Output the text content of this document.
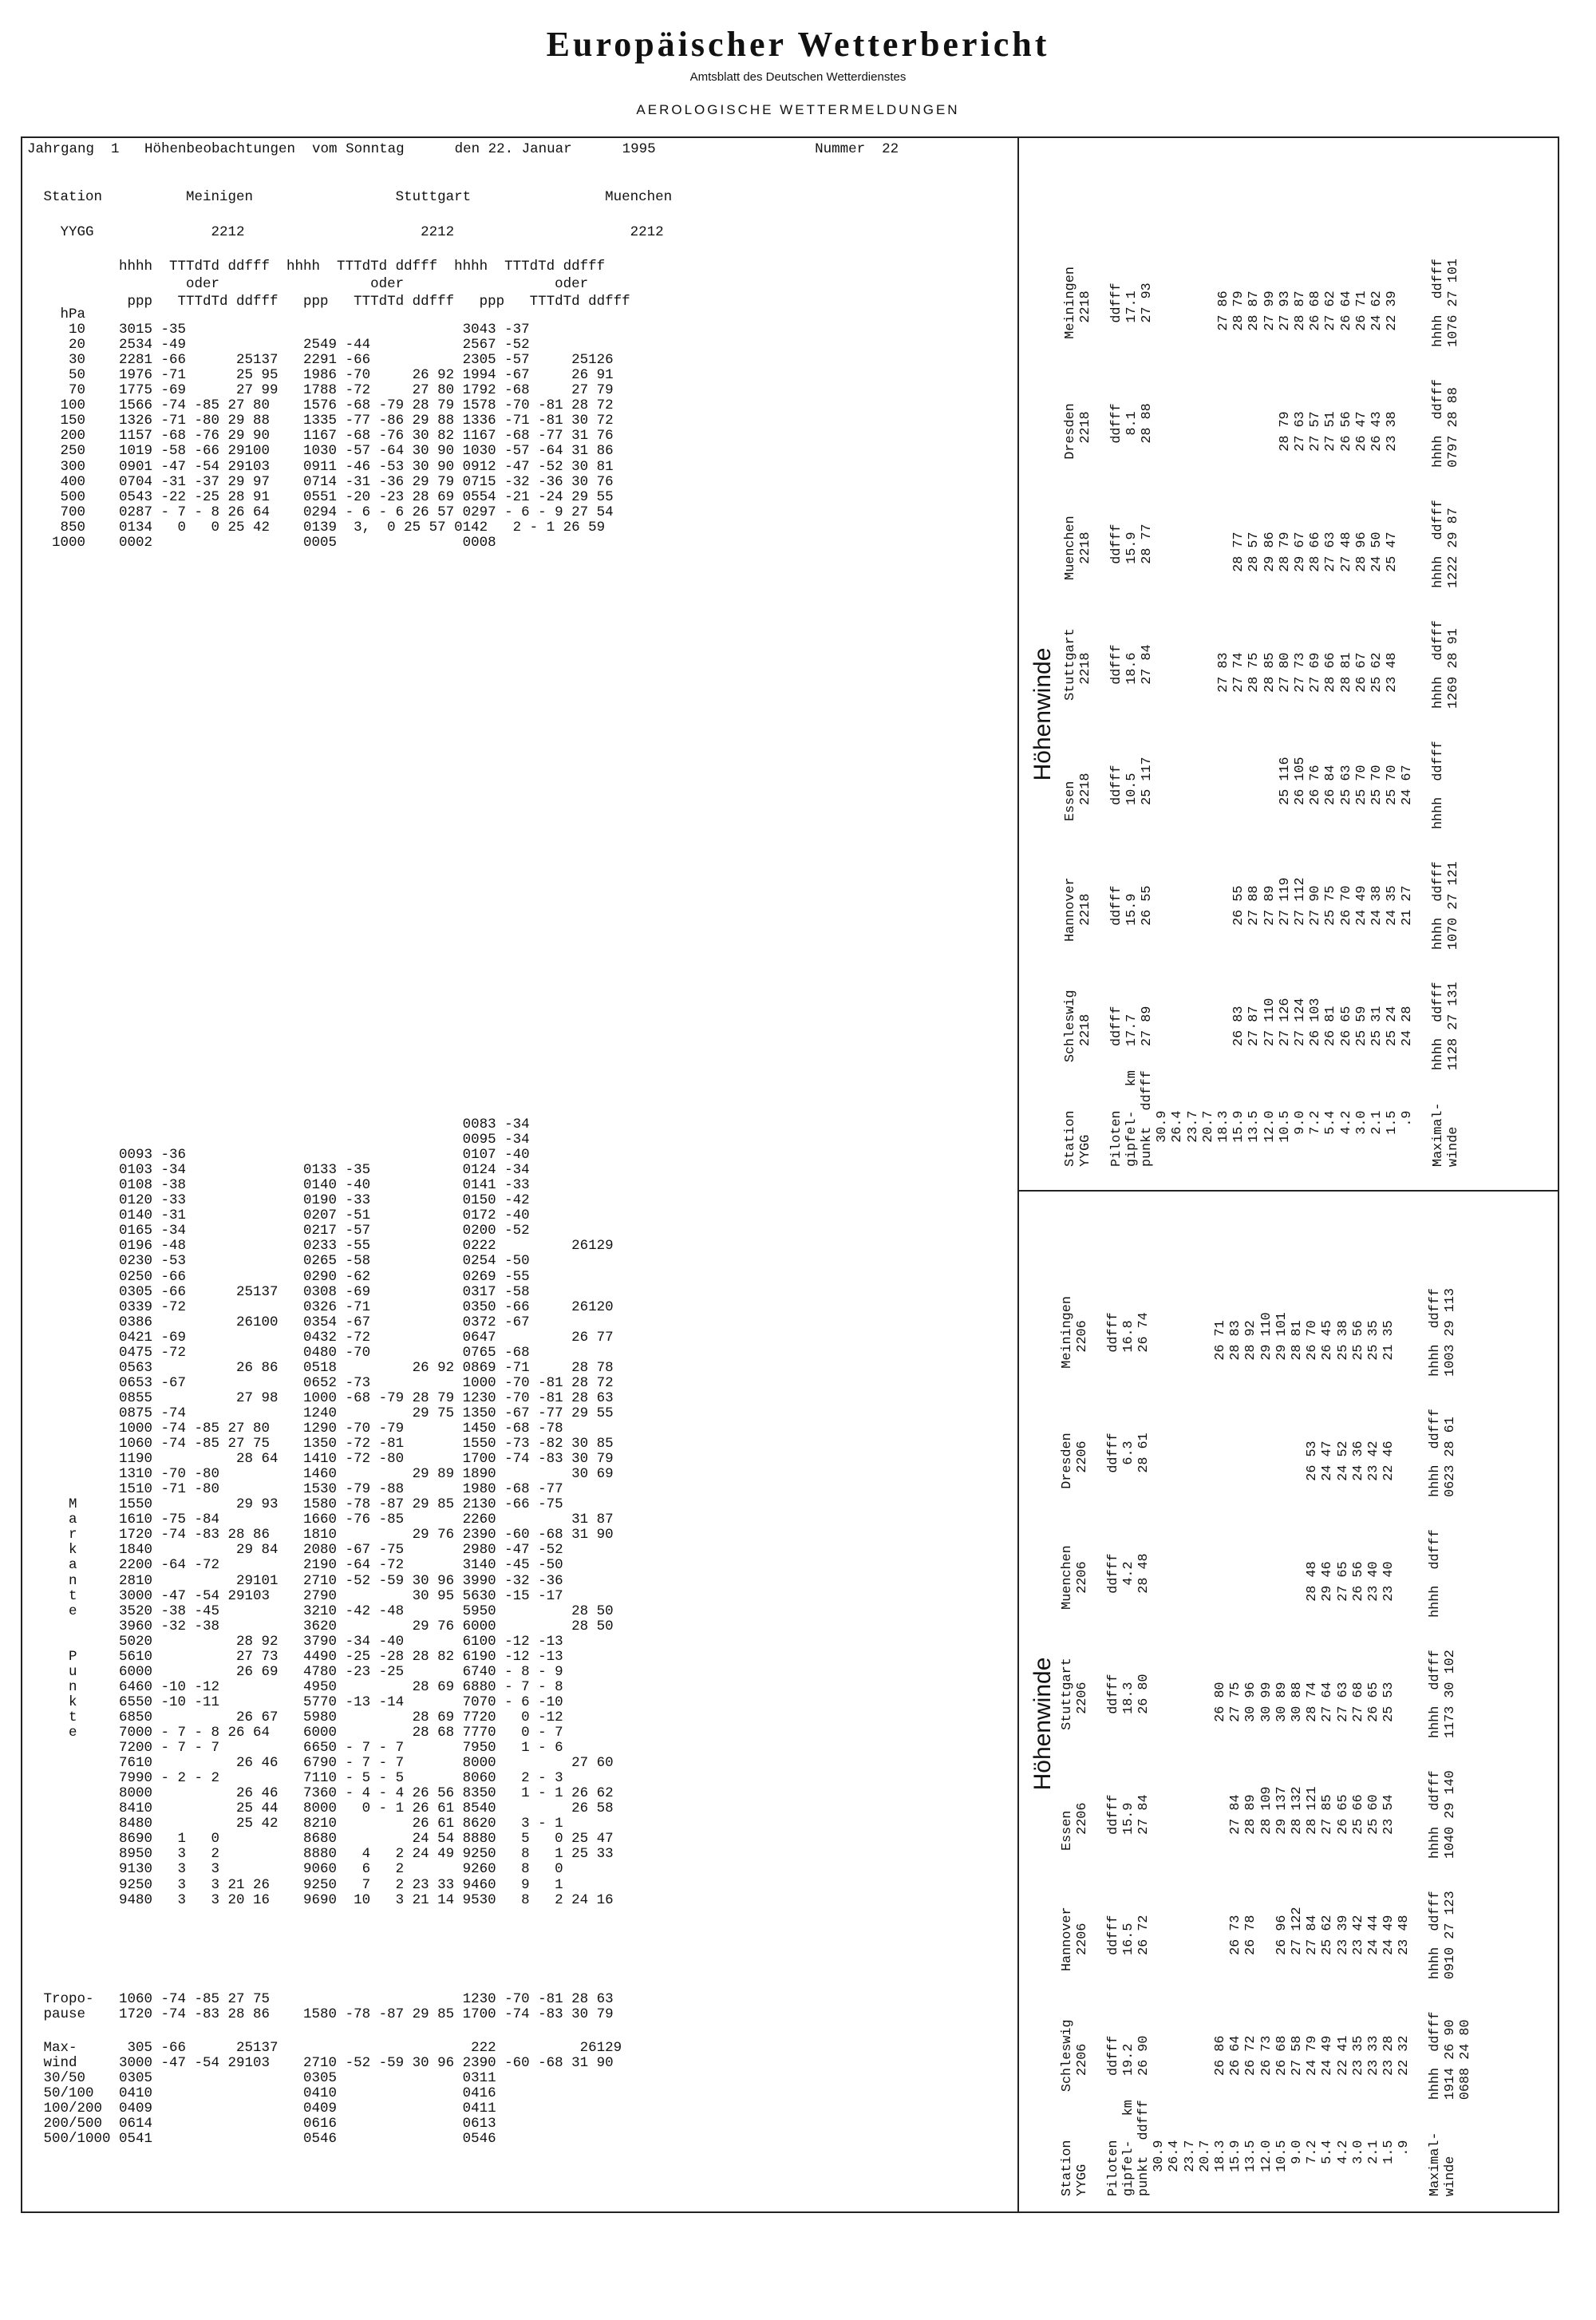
Europäischer Wetterbericht
Amtsblatt des Deutschen Wetterdienstes
AEROLOGISCHE WETTERMELDUNGEN
Jahrgang  1   Höhenbeobachtungen  vom Sonntag      den 22. Januar      1995                   Nummer  22
Station          Meinigen                 Stuttgart                Muenchen
YYGG              2212                     2212                     2212
hhhh  TTTdTd ddfff  hhhh  TTTdTd ddfff  hhhh  TTTdTd ddfff
oder                  oder                  oder
ppp   TTTdTd ddfff   ppp   TTTdTd ddfff   ppp   TTTdTd ddfff
hPa
10    3015 -35                                 3043 -37
20    2534 -49              2549 -44           2567 -52
30    2281 -66      25137   2291 -66           2305 -57     25126
50    1976 -71      25 95   1986 -70     26 92 1994 -67     26 91
70    1775 -69      27 99   1788 -72     27 80 1792 -68     27 79
100    1566 -74 -85 27 80    1576 -68 -79 28 79 1578 -70 -81 28 72
150    1326 -71 -80 29 88    1335 -77 -86 29 88 1336 -71 -81 30 72
200    1157 -68 -76 29 90    1167 -68 -76 30 82 1167 -68 -77 31 76
250    1019 -58 -66 29100    1030 -57 -64 30 90 1030 -57 -64 31 86
300    0901 -47 -54 29103    0911 -46 -53 30 90 0912 -47 -52 30 81
400    0704 -31 -37 29 97    0714 -31 -36 29 79 0715 -32 -36 30 76
500    0543 -22 -25 28 91    0551 -20 -23 28 69 0554 -21 -24 29 55
700    0287 - 7 - 8 26 64    0294 - 6 - 6 26 57 0297 - 6 - 9 27 54
850    0134   0   0 25 42    0139  3,  0 25 57 0142   2 - 1 26 59
1000    0002                  0005               0008
0083 -34
0095 -34
0093 -36                                 0107 -40
0103 -34              0133 -35           0124 -34
0108 -38              0140 -40           0141 -33
0120 -33              0190 -33           0150 -42
0140 -31              0207 -51           0172 -40
0165 -34              0217 -57           0200 -52
0196 -48              0233 -55           0222         26129
0230 -53              0265 -58           0254 -50
0250 -66              0290 -62           0269 -55
0305 -66      25137   0308 -69           0317 -58
0339 -72              0326 -71           0350 -66     26120
0386          26100   0354 -67           0372 -67
0421 -69              0432 -72           0647         26 77
0475 -72              0480 -70           0765 -68
0563          26 86   0518         26 92 0869 -71     28 78
0653 -67              0652 -73           1000 -70 -81 28 72
0855          27 98   1000 -68 -79 28 79 1230 -70 -81 28 63
0875 -74              1240         29 75 1350 -67 -77 29 55
1000 -74 -85 27 80    1290 -70 -79       1450 -68 -78
1060 -74 -85 27 75    1350 -72 -81       1550 -73 -82 30 85
1190          28 64   1410 -72 -80       1700 -74 -83 30 79
1310 -70 -80          1460         29 89 1890         30 69
1510 -71 -80          1530 -79 -88       1980 -68 -77
M     1550          29 93   1580 -78 -87 29 85 2130 -66 -75
a     1610 -75 -84          1660 -76 -85       2260         31 87
r     1720 -74 -83 28 86    1810         29 76 2390 -60 -68 31 90
k     1840          29 84   2080 -67 -75       2980 -47 -52
a     2200 -64 -72          2190 -64 -72       3140 -45 -50
n     2810          29101   2710 -52 -59 30 96 3990 -32 -36
t     3000 -47 -54 29103    2790         30 95 5630 -15 -17
e     3520 -38 -45          3210 -42 -48       5950         28 50
3960 -32 -38          3620         29 76 6000         28 50
5020          28 92   3790 -34 -40       6100 -12 -13
P     5610          27 73   4490 -25 -28 28 82 6190 -12 -13
u     6000          26 69   4780 -23 -25       6740 - 8 - 9
n     6460 -10 -12          4950         28 69 6880 - 7 - 8
k     6550 -10 -11          5770 -13 -14       7070 - 6 -10
t     6850          26 67   5980         28 69 7720   0 -12
e     7000 - 7 - 8 26 64    6000         28 68 7770   0 - 7
7200 - 7 - 7          6650 - 7 - 7       7950   1 - 6
7610          26 46   6790 - 7 - 7       8000         27 60
7990 - 2 - 2          7110 - 5 - 5       8060   2 - 3
8000          26 46   7360 - 4 - 4 26 56 8350   1 - 1 26 62
8410          25 44   8000   0 - 1 26 61 8540         26 58
8480          25 42   8210         26 61 8620   3 - 1
8690   1   0          8680         24 54 8880   5   0 25 47
8950   3   2          8880   4   2 24 49 9250   8   1 25 33
9130   3   3          9060   6   2       9260   8   0
9250   3   3 21 26    9250   7   2 23 33 9460   9   1
9480   3   3 20 16    9690  10   3 21 14 9530   8   2 24 16
Tropo-   1060 -74 -85 27 75                       1230 -70 -81 28 63
pause    1720 -74 -83 28 86    1580 -78 -87 29 85 1700 -74 -83 30 79
Max-      305 -66      25137                       222          26129
wind     3000 -47 -54 29103    2710 -52 -59 30 96 2390 -60 -68 31 90
30/50    0305                  0305               0311
50/100   0410                  0410               0416
100/200  0409                  0409               0411
200/500  0614                  0616               0613
500/1000 0541                  0546               0546
Station      Schleswig      Hannover       Essen          Stuttgart      Muenchen       Dresden        Meiningen YYGG           2218           2218           2218           2218           2218           2218           2218 Piloten        ddfff          ddfff          ddfff          ddfff          ddfff          ddfff          ddfff gipfel-   km   17.7           15.9           10.5           18.6           15.9            8.1           17.1 punkt  ddfff   27 89          26 55          25 117         27 84          28 77          28 88          27 93 30.9 26.4 23.7 20.7 18.3                                                    27 83                                        27 86 15.9        26 83          26 55                        27 74          28 77                         28 79 13.5        27 87          27 88                        28 75          28 57                         28 87 12.0        27 110         27 89                        28 85          29 86                         27 99 10.5        27 126         27 119         25 116        27 80          28 79          28 79          27 93 9.0        27 124         27 112         26 105        27 73          29 67          27 63          28 87 7.2        26 103         27 90          26 76         27 69          28 66          27 57          26 68 5.4        26 81          25 75          26 84         28 66          27 63          27 51          27 62 4.2        26 65          26 70          25 63         28 81          27 48          26 56          26 64 3.0        25 59          24 49          25 70         26 67          28 96          26 47          26 71 2.1        25 31          24 38          25 70         25 62          24 50          26 43          24 62 1.5        25 24          24 35          25 70         23 48          25 47          23 38          22 39 .9        24 28          21 27          24 67 Maximal-    hhhh  ddfff    hhhh  ddfff    hhhh  ddfff    hhhh  ddfff    hhhh  ddfff    hhhh  ddfff    hhhh  ddfff winde       1128 27 131    1070 27 121                   1269 28 91     1222 29 87     0797 28 88     1076 27 101
Station      Schleswig      Hannover       Essen          Stuttgart      Muenchen       Dresden        Meiningen YYGG           2206           2206           2206           2206           2206           2206           2206 Piloten        ddfff          ddfff          ddfff          ddfff          ddfff          ddfff          ddfff gipfel-   km   19.2           16.5           15.9           18.3            4.2            6.3           16.8 punkt  ddfff   26 90          26 72          27 84          26 80          28 48          28 61          26 74 30.9 26.4 23.7 20.7 18.3        26 86                                       26 80                                        26 71 15.9        26 64          26 73          27 84         27 75                                        28 83 13.5        26 72          26 78          28 89         30 96                                        28 92 12.0        26 73                         28 109        30 99                                        29 110 10.5        26 68          26 96          29 137        30 89                                        29 101 9.0        27 58          27 122         28 132        30 88                                        28 81 7.2        24 79          27 84          28 121        28 74          28 48          26 53          26 70 5.4        24 49          25 62          27 85         27 64          29 46          24 47          26 45 4.2        22 41          23 39          26 65         27 63          27 65          24 52          25 38 3.0        23 35          23 42          25 66         27 68          26 56          24 36          25 56 2.1        23 33          24 44          25 60         26 65          23 40          23 42          25 35 1.5        23 28          24 49          23 54         25 53          23 40          22 46          21 35 .9        22 32          23 48 Maximal-    hhhh  ddfff    hhhh  ddfff    hhhh  ddfff    hhhh  ddfff    hhhh  ddfff    hhhh  ddfff    hhhh  ddfff winde       1914 26 90     0910 27 123    1040 29 140    1173 30 102                   0623 28 61     1003 29 113 0688 24 80
Höhenwinde
Höhenwinde
